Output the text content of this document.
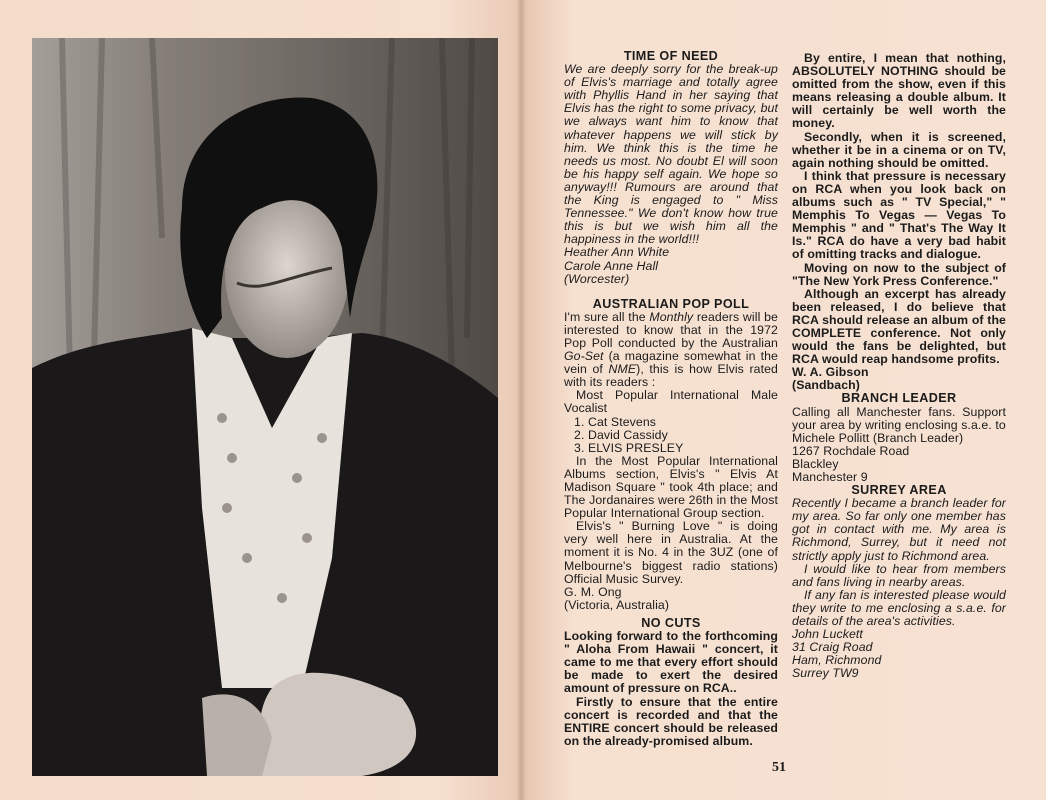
TIME OF NEED

We are deeply sorry for the break-up of Elvis's marriage and totally agree with Phyllis Hand in her saying that Elvis has the right to some privacy, but we always want him to know that whatever happens we will stick by him. We think this is the time he needs us most. No doubt El will soon be his happy self again. We hope so anyway!!! Rumours are around that the King is engaged to " Miss Tennessee." We don't know how true this is but we wish him all the happiness in the world!!!

Heather Ann White

Carole Anne Hall

(Worcester)

AUSTRALIAN POP POLL

I'm sure all the Monthly readers will be interested to know that in the 1972 Pop Poll conducted by the Australian Go-Set (a magazine somewhat in the vein of NME), this is how Elvis rated with its readers :

Most Popular International Male Vocalist

1. Cat Stevens

2. David Cassidy

3. ELVIS PRESLEY

In the Most Popular International Albums section, Elvis's " Elvis At Madison Square " took 4th place; and The Jordanaires were 26th in the Most Popular International Group section.

Elvis's " Burning Love " is doing very well here in Australia. At the moment it is No. 4 in the 3UZ (one of Melbourne's biggest radio stations) Official Music Survey.

G. M. Ong

(Victoria, Australia)

NO CUTS

Looking forward to the forthcoming " Aloha From Hawaii " concert, it came to me that every effort should be made to exert the desired amount of pressure on RCA..

Firstly to ensure that the entire concert is recorded and that the ENTIRE concert should be released on the already-promised album.

By entire, I mean that nothing, ABSOLUTELY NOTHING should be omitted from the show, even if this means releasing a double album. It will certainly be well worth the money.

Secondly, when it is screened, whether it be in a cinema or on TV, again nothing should be omitted.

I think that pressure is necessary on RCA when you look back on albums such as " TV Special," " Memphis To Vegas — Vegas To Memphis " and " That's The Way It Is." RCA do have a very bad habit of omitting tracks and dialogue.

Moving on now to the subject of "The New York Press Conference."

Although an excerpt has already been released, I do believe that RCA should release an album of the COMPLETE conference. Not only would the fans be delighted, but RCA would reap handsome profits.

W. A. Gibson

(Sandbach)

BRANCH LEADER

Calling all Manchester fans. Support your area by writing enclosing s.a.e. to

Michele Pollitt (Branch Leader)

1267 Rochdale Road

Blackley

Manchester 9

SURREY AREA

Recently I became a branch leader for my area. So far only one member has got in contact with me. My area is Richmond, Surrey, but it need not strictly apply just to Richmond area.

I would like to hear from members and fans living in nearby areas.

If any fan is interested please would they write to me enclosing a s.a.e. for details of the area's activities.

John Luckett

31 Craig Road

Ham, Richmond

Surrey TW9

51
